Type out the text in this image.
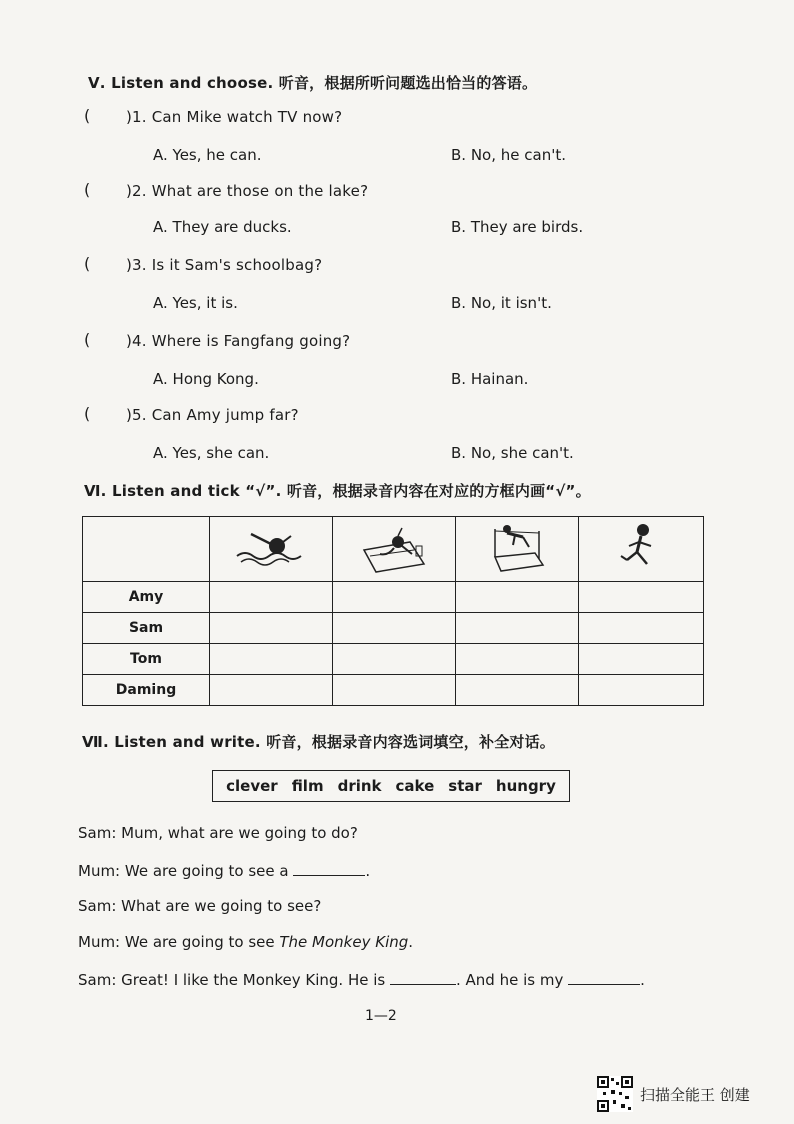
Ⅴ. Listen and choose. 听音，根据所听问题选出恰当的答语。
( )1. Can Mike watch TV now?
A. Yes, he can.	B. No, he can't.
( )2. What are those on the lake?
A. They are ducks.	B. They are birds.
( )3. Is it Sam's schoolbag?
A. Yes, it is.	B. No, it isn't.
( )4. Where is Fangfang going?
A. Hong Kong.	B. Hainan.
( )5. Can Amy jump far?
A. Yes, she can.	B. No, she can't.
Ⅵ. Listen and tick “√”. 听音，根据录音内容在对应的方框内画“√”。

Amy				
Sam				
Tom				
Daming				
Ⅶ. Listen and write. 听音，根据录音内容选词填空，补全对话。
clever film drink cake star hungry
Sam: Mum, what are we going to do?
Mum: We are going to see a	.
Sam: What are we going to see?
Mum: We are going to see The Monkey King.
Sam: Great! I like the Monkey King. He is	. And he is my	.
1—2
扫描全能王 创建
